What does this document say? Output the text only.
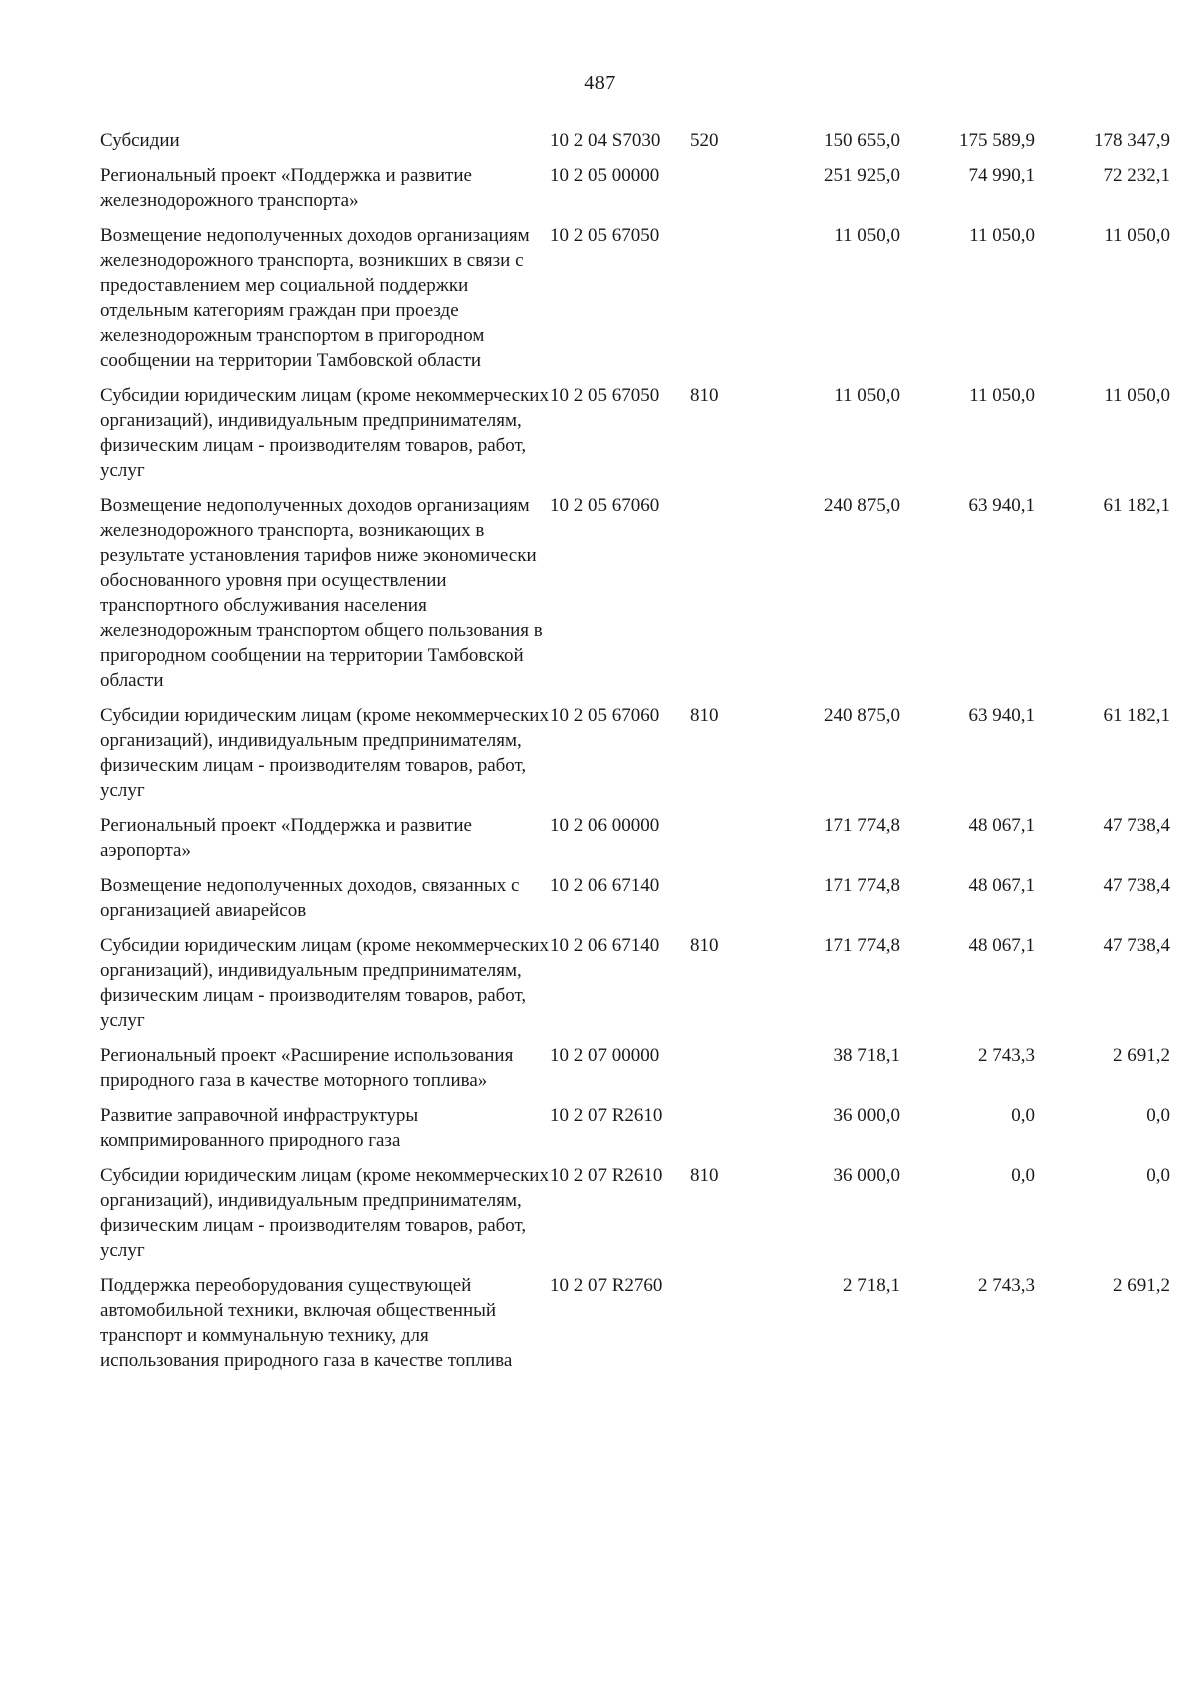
487
Субсидии	10 2 04 S7030	520	150 655,0	175 589,9	178 347,9
Региональный проект «Поддержка и развитие железнодорожного транспорта»	10 2 05 00000		251 925,0	74 990,1	72 232,1
Возмещение недополученных доходов организациям железнодорожного транспорта, возникших в связи с предоставлением мер социальной поддержки отдельным категориям граждан при проезде железнодорожным транспортом в пригородном сообщении на территории Тамбовской области	10 2 05 67050		11 050,0	11 050,0	11 050,0
Субсидии юридическим лицам (кроме некоммерческих организаций), индивидуальным предпринимателям, физическим лицам - производителям товаров, работ, услуг	10 2 05 67050	810	11 050,0	11 050,0	11 050,0
Возмещение недополученных доходов организациям железнодорожного транспорта, возникающих в результате установления тарифов ниже экономически обоснованного уровня при осуществлении транспортного обслуживания населения железнодорожным транспортом общего пользования в пригородном сообщении на территории Тамбовской области	10 2 05 67060		240 875,0	63 940,1	61 182,1
Субсидии юридическим лицам (кроме некоммерческих организаций), индивидуальным предпринимателям, физическим лицам - производителям товаров, работ, услуг	10 2 05 67060	810	240 875,0	63 940,1	61 182,1
Региональный проект «Поддержка и развитие аэропорта»	10 2 06 00000		171 774,8	48 067,1	47 738,4
Возмещение недополученных доходов, связанных с организацией авиарейсов	10 2 06 67140		171 774,8	48 067,1	47 738,4
Субсидии юридическим лицам (кроме некоммерческих организаций), индивидуальным предпринимателям, физическим лицам - производителям товаров, работ, услуг	10 2 06 67140	810	171 774,8	48 067,1	47 738,4
Региональный проект «Расширение использования природного газа в качестве моторного топлива»	10 2 07 00000		38 718,1	2 743,3	2 691,2
Развитие заправочной инфраструктуры компримированного природного газа	10 2 07 R2610		36 000,0	0,0	0,0
Субсидии юридическим лицам (кроме некоммерческих организаций), индивидуальным предпринимателям, физическим лицам - производителям товаров, работ, услуг	10 2 07 R2610	810	36 000,0	0,0	0,0
Поддержка переоборудования существующей автомобильной техники, включая общественный транспорт и коммунальную технику, для использования природного газа в качестве топлива	10 2 07 R2760		2 718,1	2 743,3	2 691,2
